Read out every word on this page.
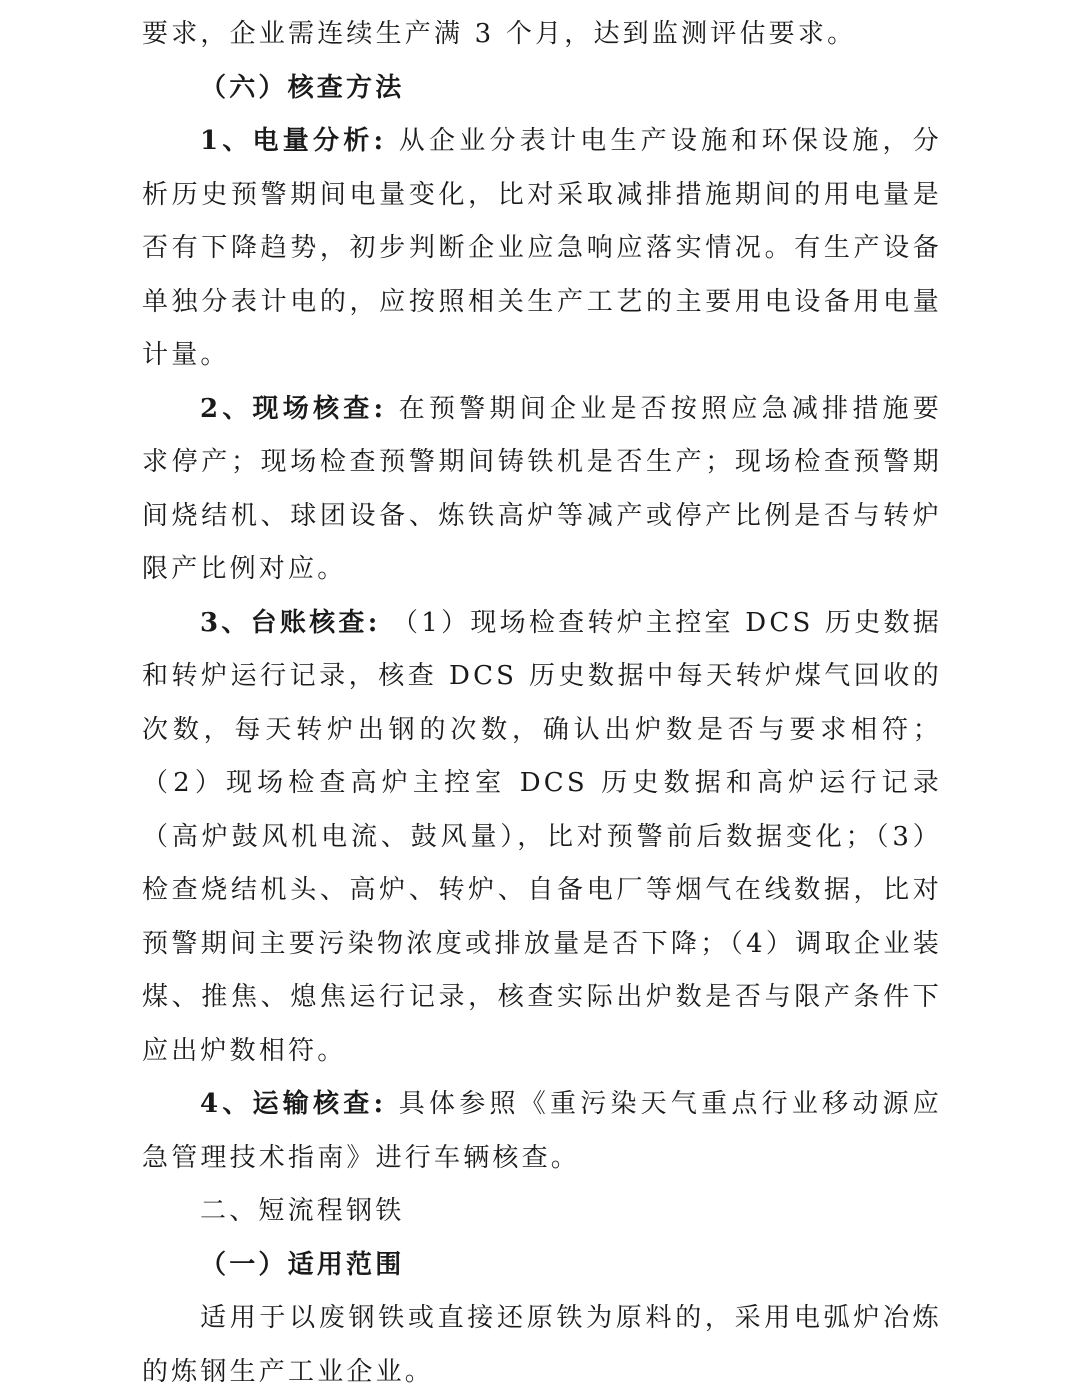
要求，企业需连续生产满 3 个月，达到监测评估要求。

（六）核查方法

1、电量分析: 从企业分表计电生产设施和环保设施，分析历史预警期间电量变化，比对采取减排措施期间的用电量是否有下降趋势，初步判断企业应急响应落实情况。有生产设备单独分表计电的，应按照相关生产工艺的主要用电设备用电量计量。

2、现场核查: 在预警期间企业是否按照应急减排措施要求停产；现场检查预警期间铸铁机是否生产；现场检查预警期间烧结机、球团设备、炼铁高炉等减产或停产比例是否与转炉限产比例对应。

3、台账核查: （1）现场检查转炉主控室 DCS 历史数据和转炉运行记录，核查 DCS 历史数据中每天转炉煤气回收的次数，每天转炉出钢的次数，确认出炉数是否与要求相符；（2）现场检查高炉主控室 DCS 历史数据和高炉运行记录（高炉鼓风机电流、鼓风量），比对预警前后数据变化；（3）检查烧结机头、高炉、转炉、自备电厂等烟气在线数据，比对预警期间主要污染物浓度或排放量是否下降；（4）调取企业装煤、推焦、熄焦运行记录，核查实际出炉数是否与限产条件下应出炉数相符。

4、运输核查: 具体参照《重污染天气重点行业移动源应急管理技术指南》进行车辆核查。

二、短流程钢铁

（一）适用范围

适用于以废钢铁或直接还原铁为原料的，采用电弧炉冶炼的炼钢生产工业企业。
